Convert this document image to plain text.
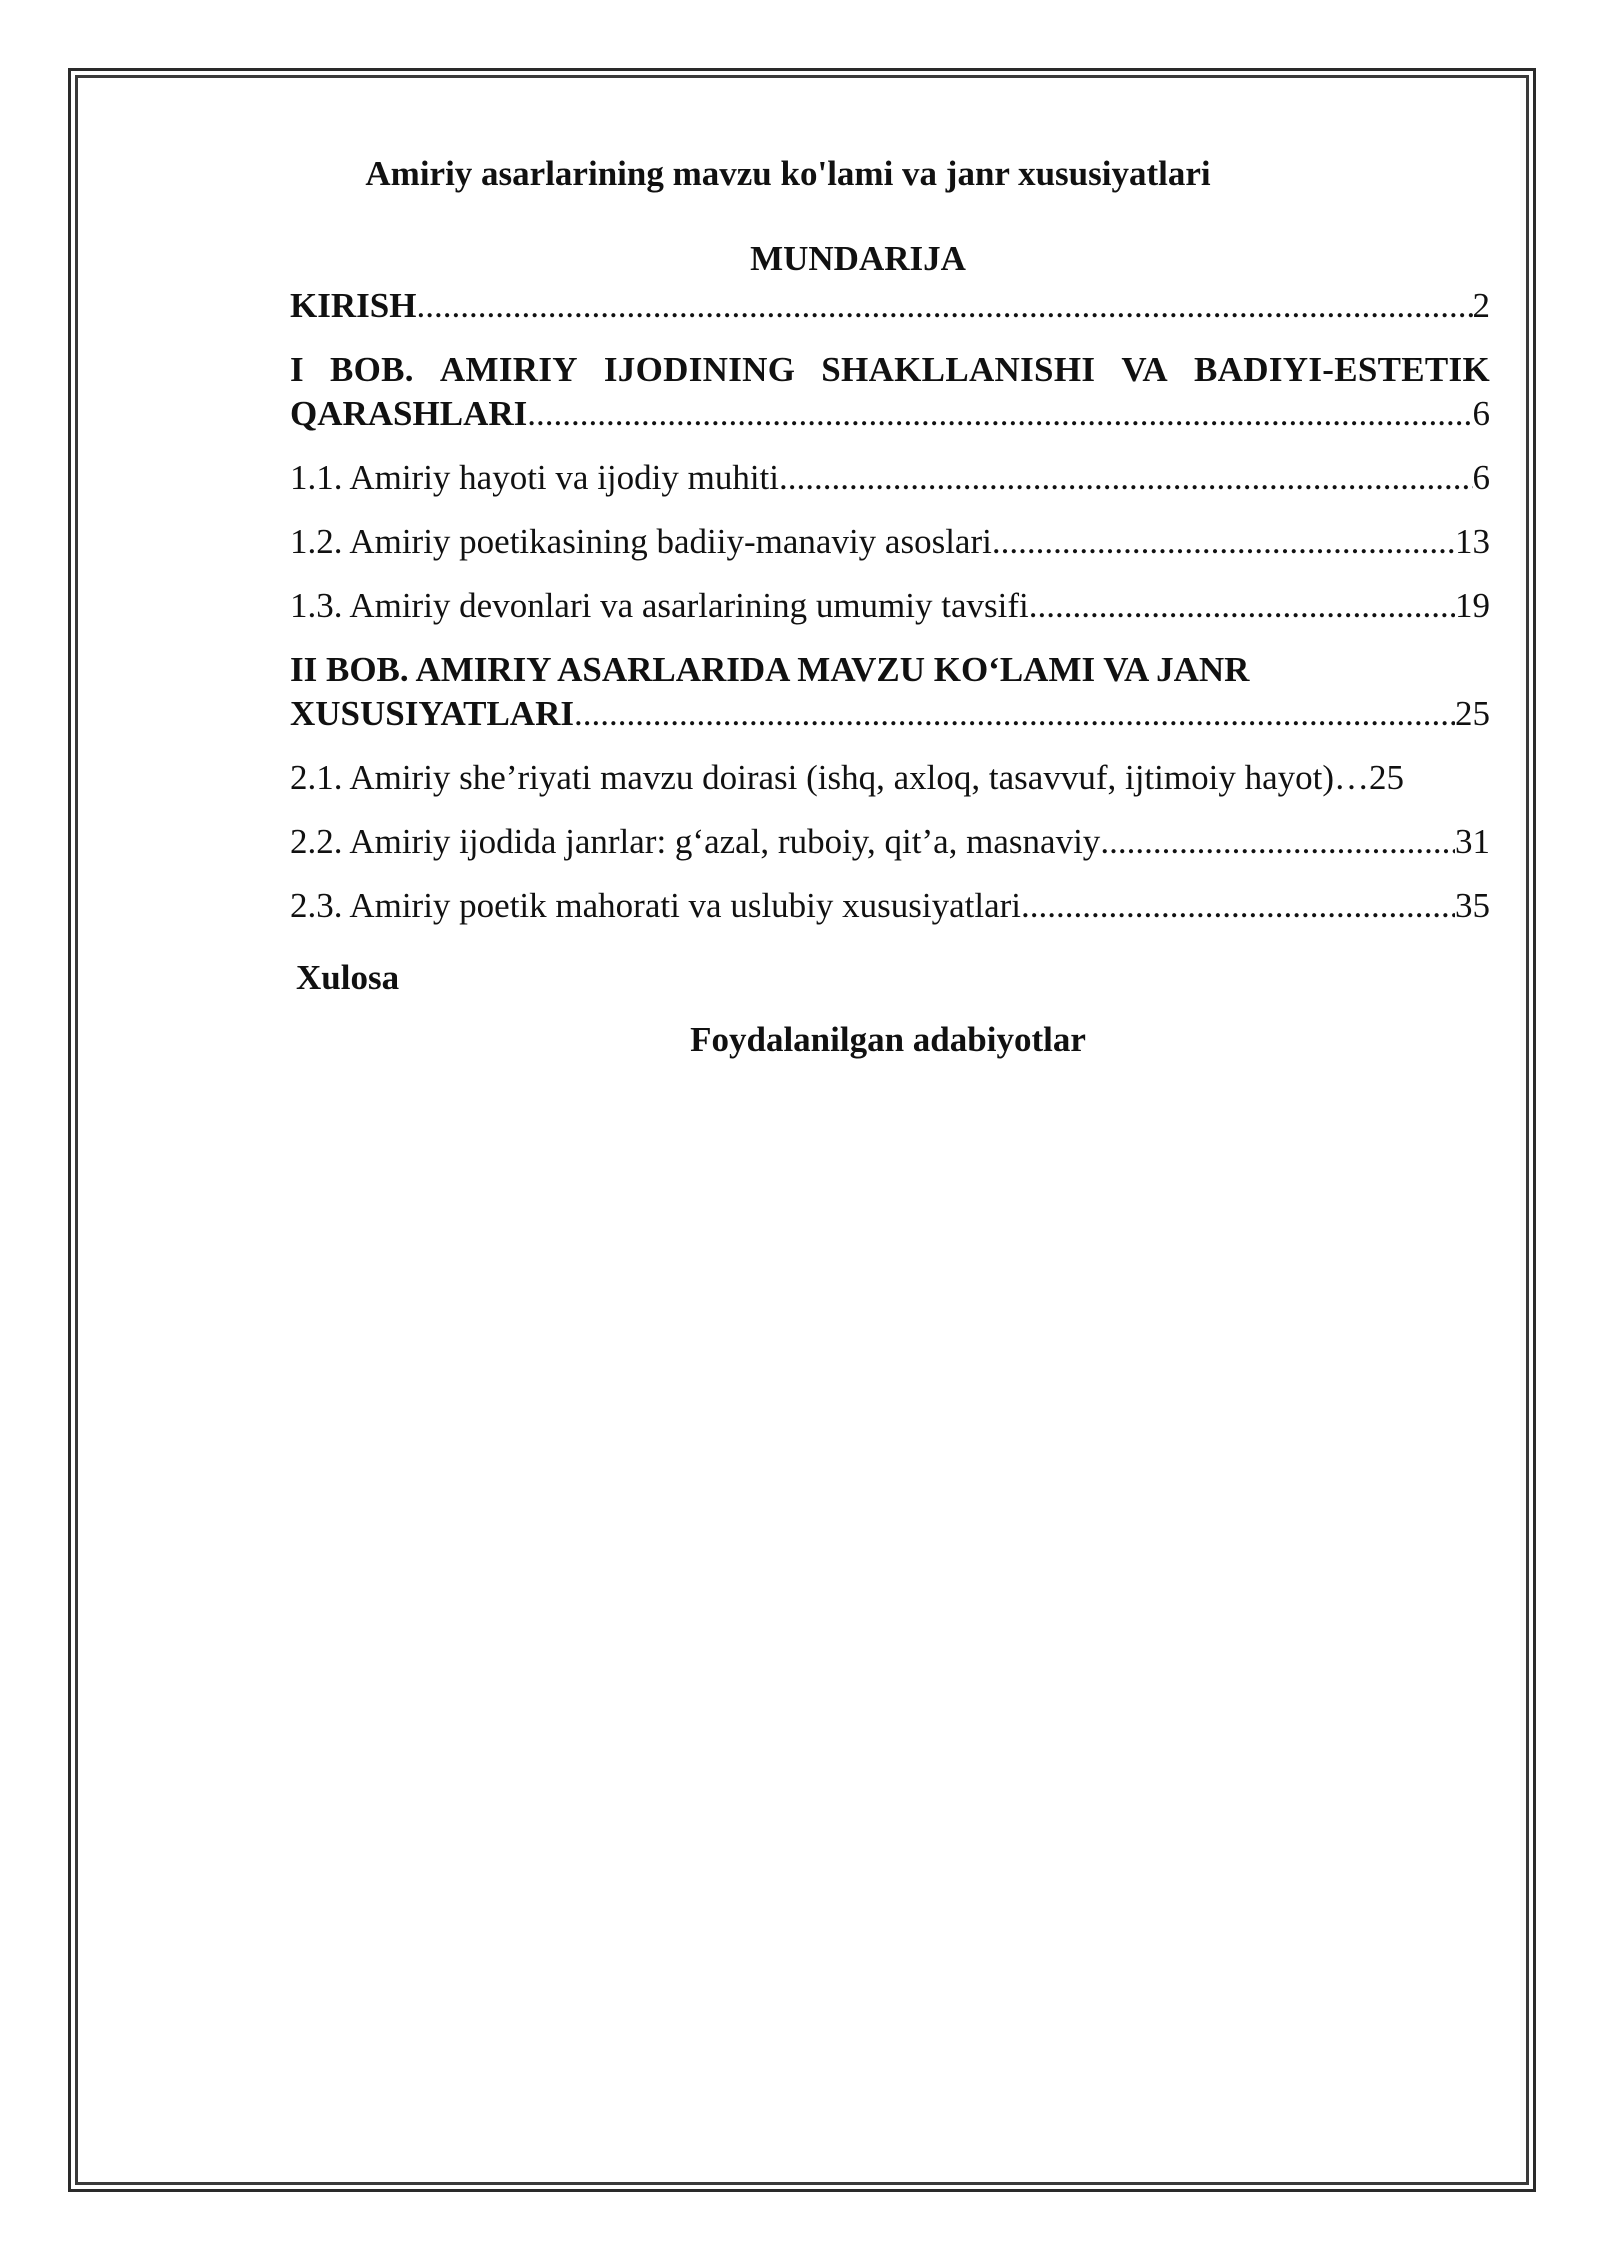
Amiriy asarlarining mavzu ko'lami va janr xususiyatlari
MUNDARIJA
KIRISH .....	2
I BOB. AMIRIY IJODINING SHAKLLANISHI VA BADIYI-ESTETIK
QARASHLARI .....	6
1.1. Amiriy hayoti va ijodiy muhiti .....	6
1.2. Amiriy poetikasining badiiy-manaviy asoslari .....	13
1.3. Amiriy devonlari va asarlarining umumiy tavsifi .....	19
II BOB. AMIRIY ASARLARIDA MAVZU KO‘LAMI VA JANR
XUSUSIYATLARI .....	25
2.1. Amiriy she’riyati mavzu doirasi (ishq, axloq, tasavvuf, ijtimoiy hayot) … 25
2.2. Amiriy ijodida janrlar: g‘azal, ruboiy, qit’a, masnaviy .....	31
2.3. Amiriy poetik mahorati va uslubiy xususiyatlari .....	35
Xulosa
Foydalanilgan adabiyotlar
